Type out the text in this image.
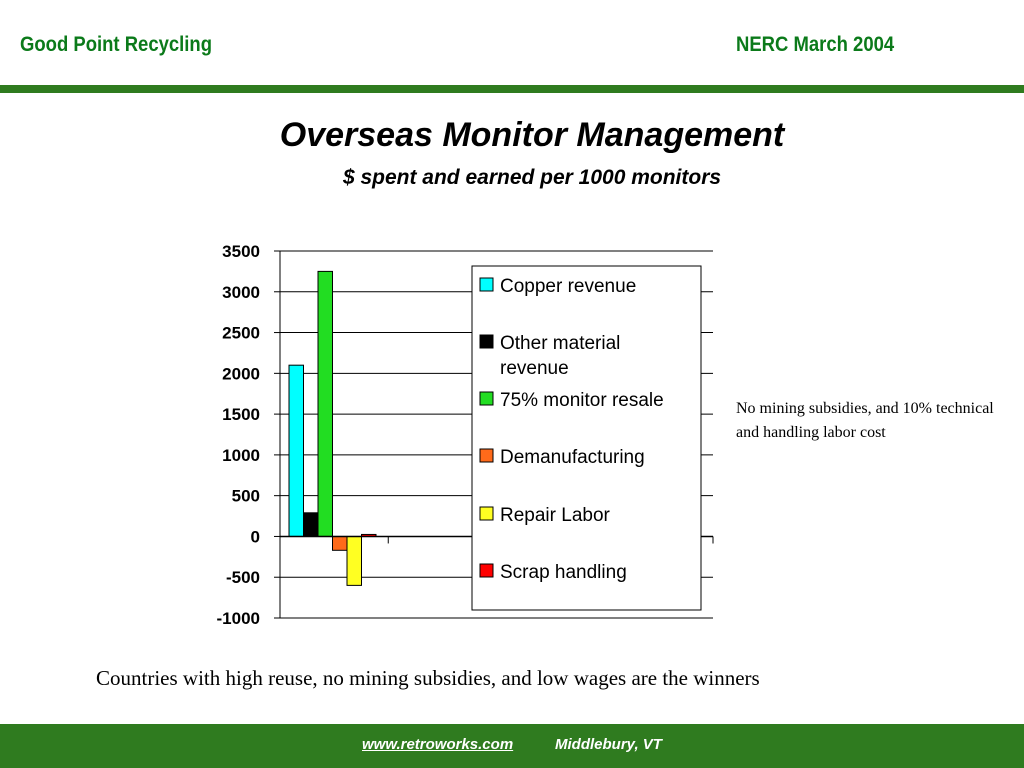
Good Point Recycling	NERC March 2004
Overseas Monitor Management
$ spent and earned per 1000 monitors
3500
3000
2500
2000
1500
1000
500
0
-500
-1000
Copper revenue
Other material revenue
75% monitor resale
Demanufacturing
Repair Labor
Scrap handling
No mining subsidies, and 10% technical and handling labor cost
Countries with high reuse, no mining subsidies, and low wages are the winners
www.retroworks.com	Middlebury, VT
